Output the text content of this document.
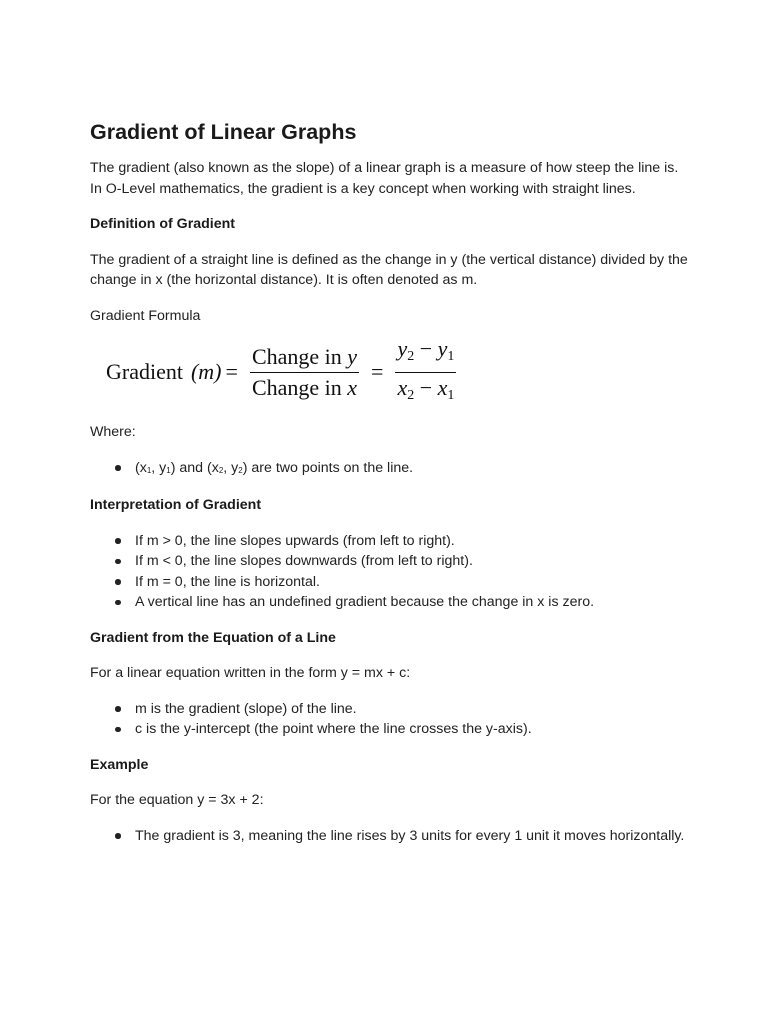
Gradient of Linear Graphs

The gradient (also known as the slope) of a linear graph is a measure of how steep the line is. In O-Level mathematics, the gradient is a key concept when working with straight lines.

Definition of Gradient

The gradient of a straight line is defined as the change in y (the vertical distance) divided by the change in x (the horizontal distance). It is often denoted as m.

Gradient Formula

Gradient $(m) = \frac{\text{Change in y}}{\text{Change in x}} = \frac{y_2 - y_1}{x_2 - x_1}$

Where:

($x_1$, $y_1$) and ($x_2$, $y_2$) are two points on the line.
Interpretation of Gradient
If m > 0, the line slopes upwards (from left to right).
If m < 0, the line slopes downwards (from left to right).
If m = 0, the line is horizontal.
A vertical line has an undefined gradient because the change in x is zero.
Gradient from the Equation of a Line

For a linear equation written in the form y = mx + c:

m is the gradient (slope) of the line.
c is the y-intercept (the point where the line crosses the y-axis).
Example

For the equation y = 3x + 2:

The gradient is 3, meaning the line rises by 3 units for every 1 unit it moves horizontally.
